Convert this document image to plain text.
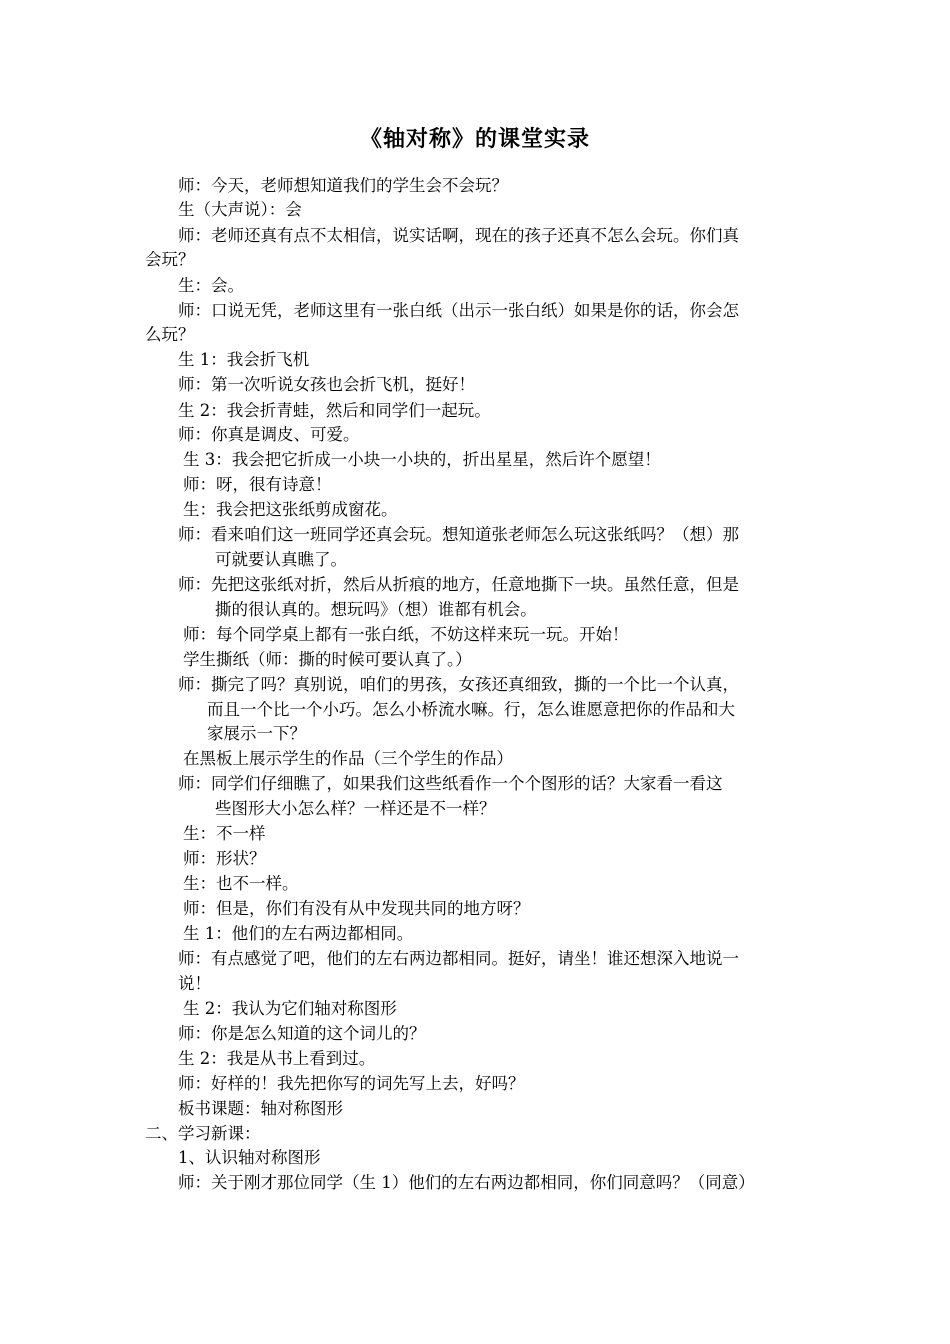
《轴对称》的课堂实录
师：今天，老师想知道我们的学生会不会玩？
生（大声说）：会
师：老师还真有点不太相信，说实话啊，现在的孩子还真不怎么会玩。你们真
会玩？
生：会。
师：口说无凭，老师这里有一张白纸（出示一张白纸）如果是你的话，你会怎
么玩？
生 1：我会折飞机
师：第一次听说女孩也会折飞机，挺好！
生 2：我会折青蛙，然后和同学们一起玩。
师：你真是调皮、可爱。
生 3：我会把它折成一小块一小块的，折出星星，然后许个愿望！
师：呀，很有诗意！
生：我会把这张纸剪成窗花。
师：看来咱们这一班同学还真会玩。想知道张老师怎么玩这张纸吗？（想）那
可就要认真瞧了。
师：先把这张纸对折，然后从折痕的地方，任意地撕下一块。虽然任意，但是
撕的很认真的。想玩吗》（想）谁都有机会。
师：每个同学桌上都有一张白纸，不妨这样来玩一玩。开始！
学生撕纸（师：撕的时候可要认真了。）
师：撕完了吗？真别说，咱们的男孩，女孩还真细致，撕的一个比一个认真，
而且一个比一个小巧。怎么小桥流水嘛。行，怎么谁愿意把你的作品和大
家展示一下？
在黑板上展示学生的作品（三个学生的作品）
师：同学们仔细瞧了，如果我们这些纸看作一个个图形的话？大家看一看这
些图形大小怎么样？一样还是不一样？
生：不一样
师：形状？
生：也不一样。
师：但是，你们有没有从中发现共同的地方呀？
生 1：他们的左右两边都相同。
师：有点感觉了吧，他们的左右两边都相同。挺好，请坐！谁还想深入地说一
说！
生 2：我认为它们轴对称图形
师：你是怎么知道的这个词儿的？
生 2：我是从书上看到过。
师：好样的！我先把你写的词先写上去，好吗？
板书课题：轴对称图形
二、学习新课：
1、认识轴对称图形
师：关于刚才那位同学（生 1）他们的左右两边都相同，你们同意吗？（同意）
